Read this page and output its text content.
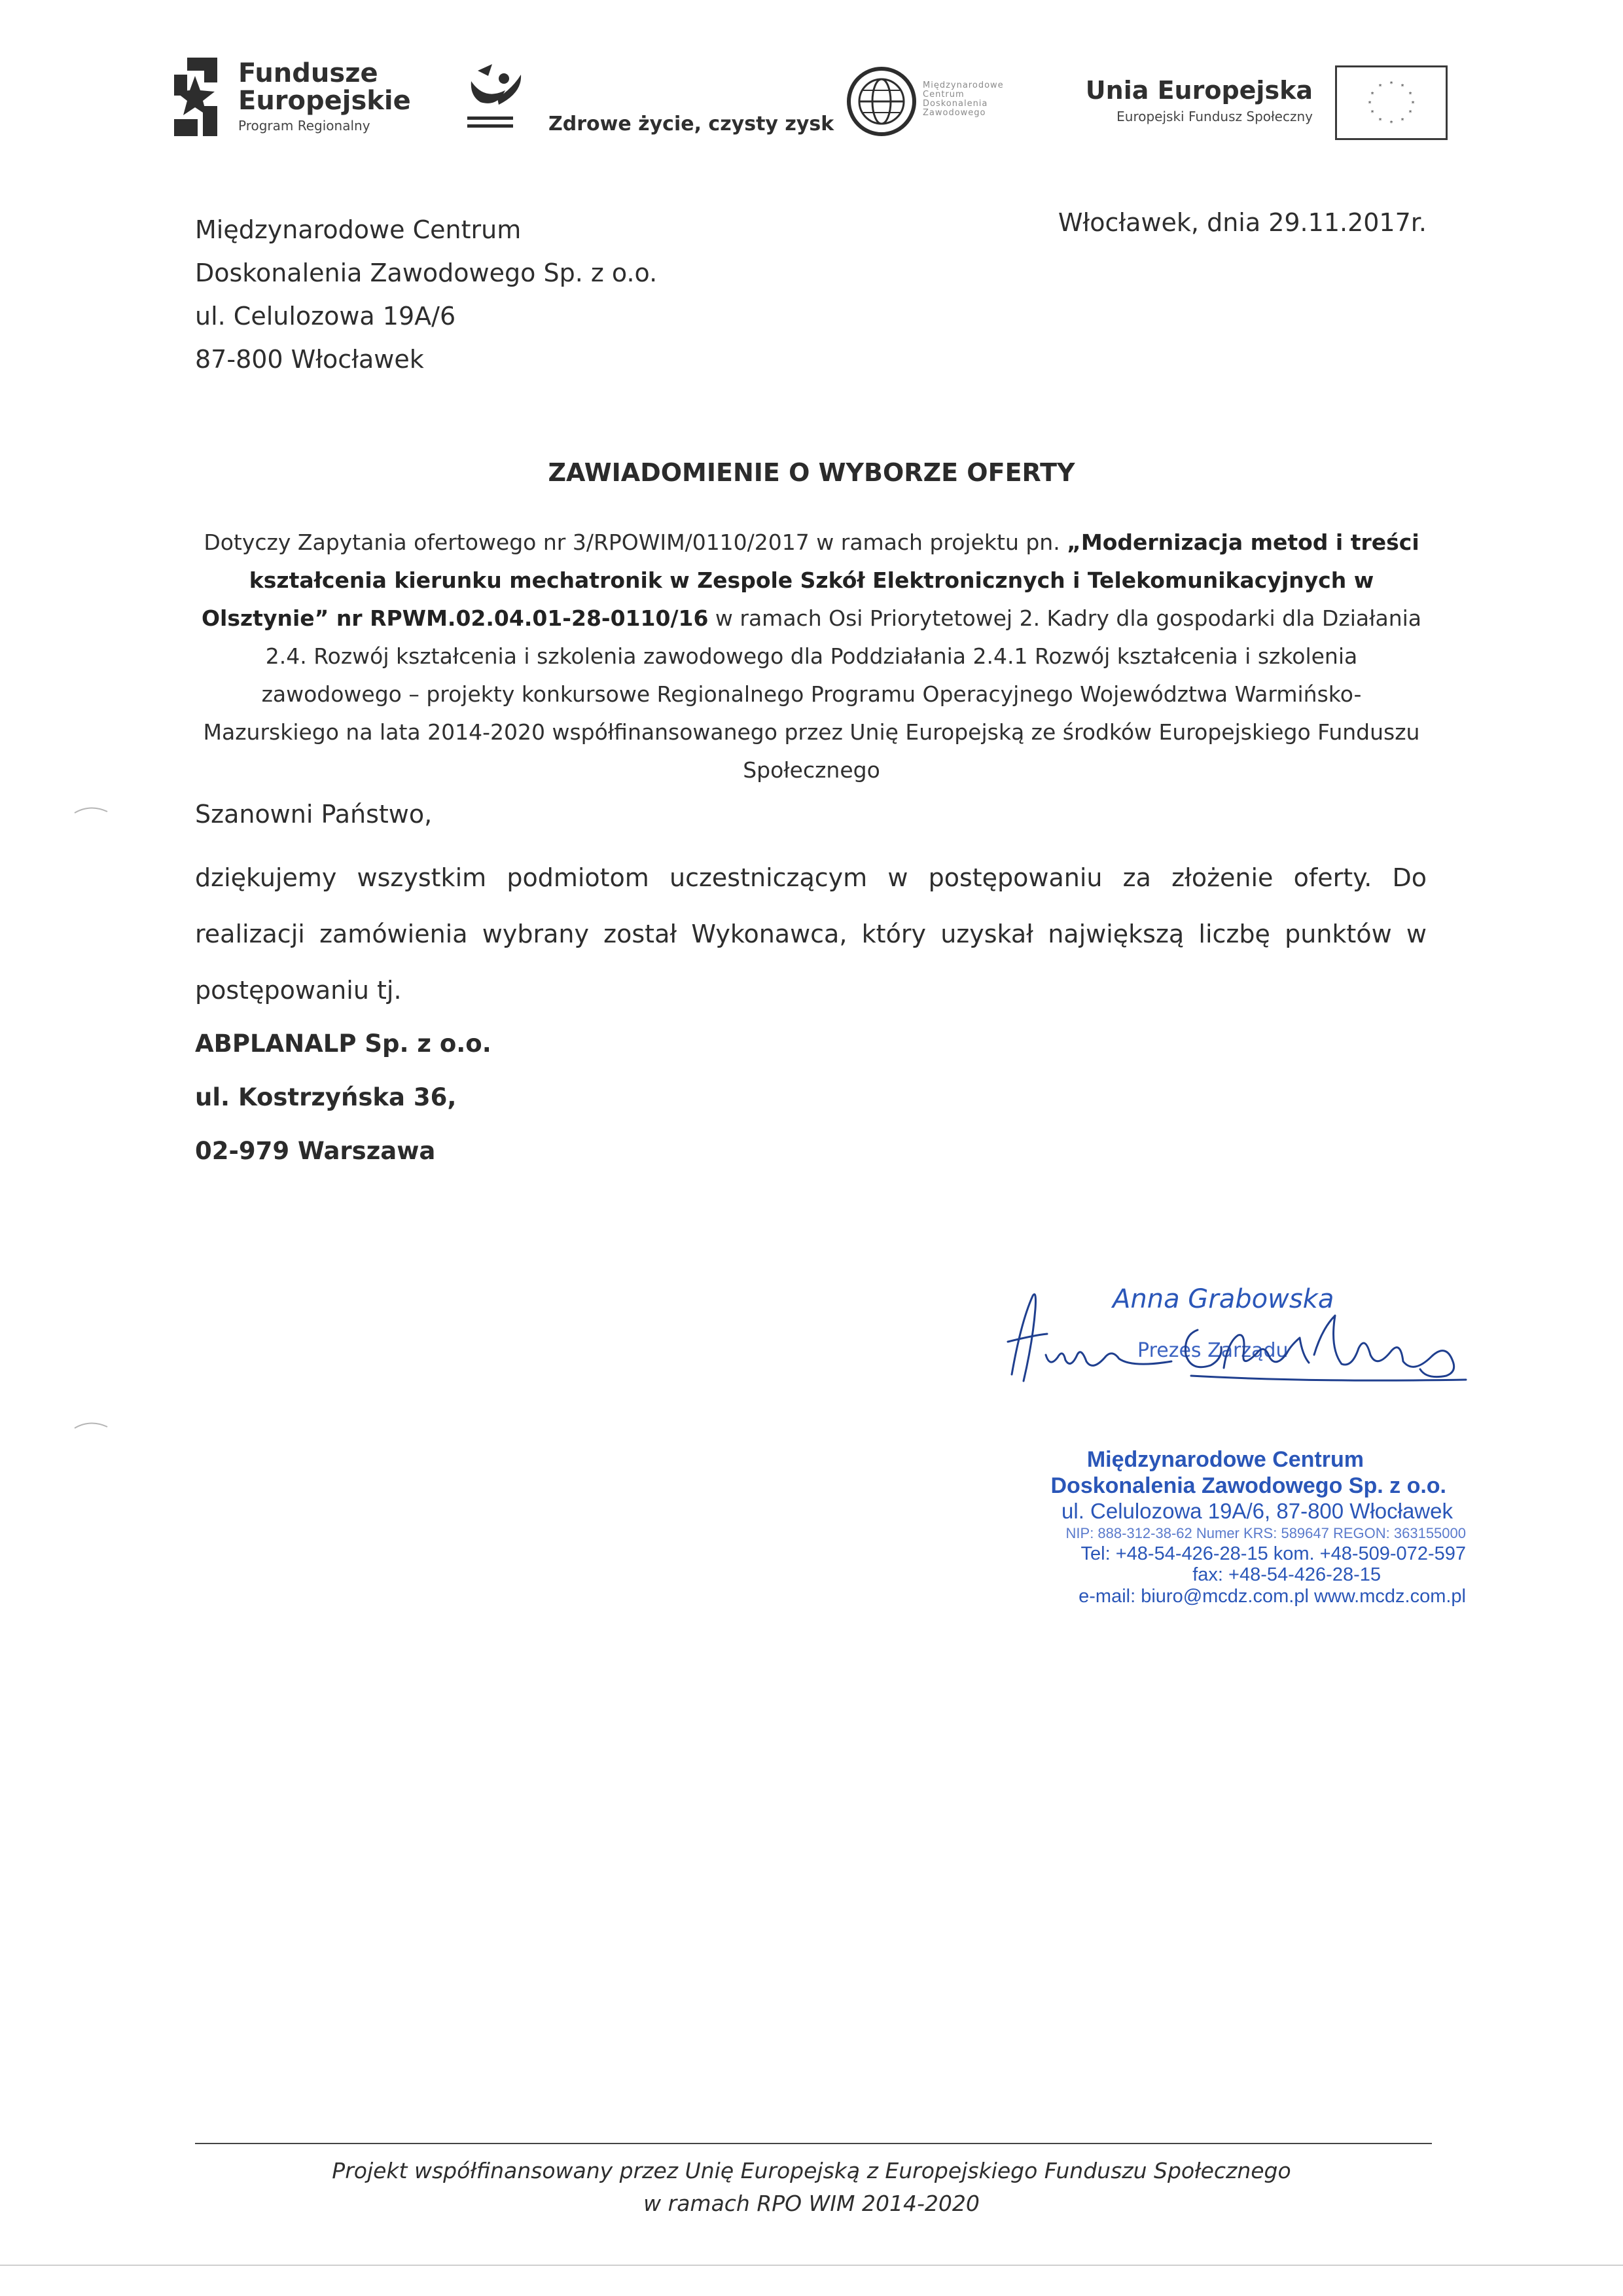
Fundusze
Europejskie
Program Regionalny	Zdrowe życie, czysty zysk
Międzynarodowe
Centrum
Doskonalenia
Zawodowego
Unia Europejska
Europejski Fundusz Społeczny
* *
*
*
*
*
*
*
*
*
*
*
Międzynarodowe Centrum
Doskonalenia Zawodowego Sp. z o.o.
ul. Celulozowa 19A/6
87-800 Włocławek
Włocławek, dnia 29.11.2017r.
ZAWIADOMIENIE O WYBORZE OFERTY
Dotyczy Zapytania ofertowego nr 3/RPOWIM/0110/2017 w ramach projektu pn. „Modernizacja metod i treści kształcenia kierunku mechatronik w Zespole Szkół Elektronicznych i Telekomunikacyjnych w Olsztynie” nr RPWM.02.04.01-28-0110/16 w ramach Osi Priorytetowej 2. Kadry dla gospodarki dla Działania 2.4. Rozwój kształcenia i szkolenia zawodowego dla Poddziałania 2.4.1 Rozwój kształcenia i szkolenia zawodowego – projekty konkursowe Regionalnego Programu Operacyjnego Województwa Warmińsko-Mazurskiego na lata 2014-2020 współfinansowanego przez Unię Europejską ze środków Europejskiego Funduszu Społecznego
Szanowni Państwo,
dziękujemy wszystkim podmiotom uczestniczącym w postępowaniu za złożenie oferty. Do realizacji zamówienia wybrany został Wykonawca, który uzyskał największą liczbę punktów w postępowaniu tj.
ABPLANALP Sp. z o.o.
ul. Kostrzyńska 36,
02-979 Warszawa
Anna Grabowska
Prezes Zarządu
Międzynarodowe Centrum
Doskonalenia Zawodowego Sp. z o.o.
ul. Celulozowa 19A/6, 87-800 Włocławek
NIP: 888-312-38-62 Numer KRS: 589647 REGON: 363155000
Tel: +48-54-426-28-15 kom. +48-509-072-597
fax: +48-54-426-28-15
e-mail: biuro@mcdz.com.pl www.mcdz.com.pl
Projekt współfinansowany przez Unię Europejską z Europejskiego Funduszu Społecznego
w ramach RPO WIM 2014-2020
